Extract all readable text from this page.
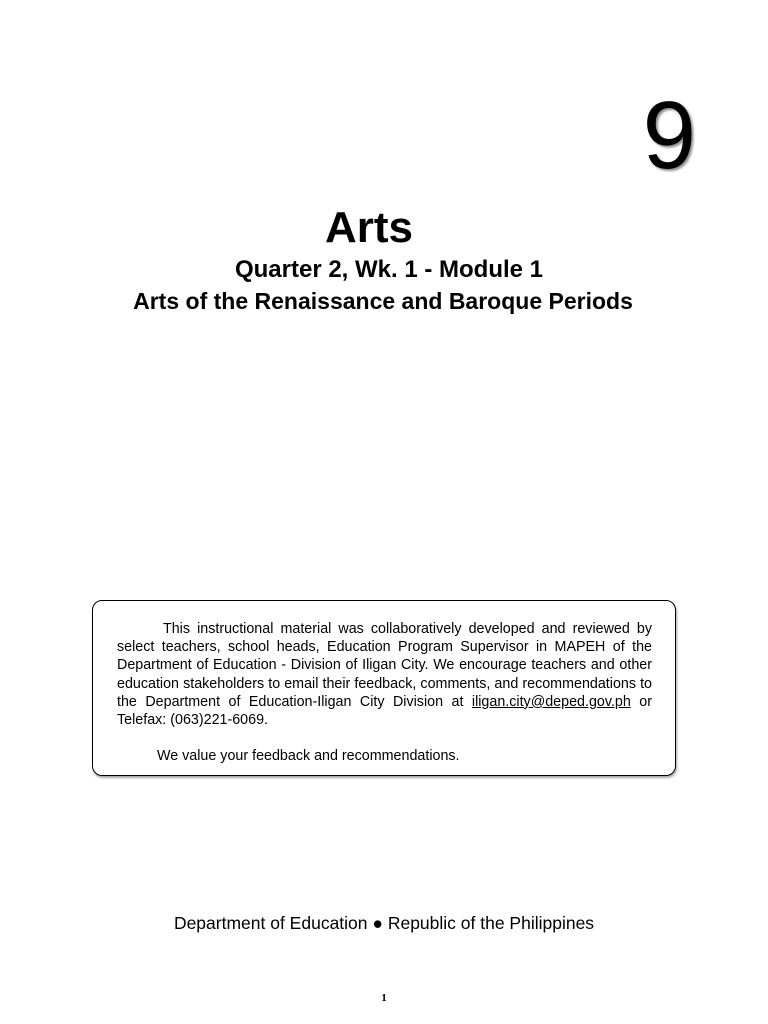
9
Arts
Quarter 2, Wk. 1 - Module 1
Arts of the Renaissance and Baroque Periods

This instructional material was collaboratively developed and reviewed by select teachers, school heads, Education Program Supervisor in MAPEH of the Department of Education - Division of Iligan City. We encourage teachers and other education stakeholders to email their feedback, comments, and recommendations to the Department of Education-Iligan City Division at iligan.city@deped.gov.ph or Telefax: (063)221-6069.

We value your feedback and recommendations.

Department of Education ● Republic of the Philippines
1
